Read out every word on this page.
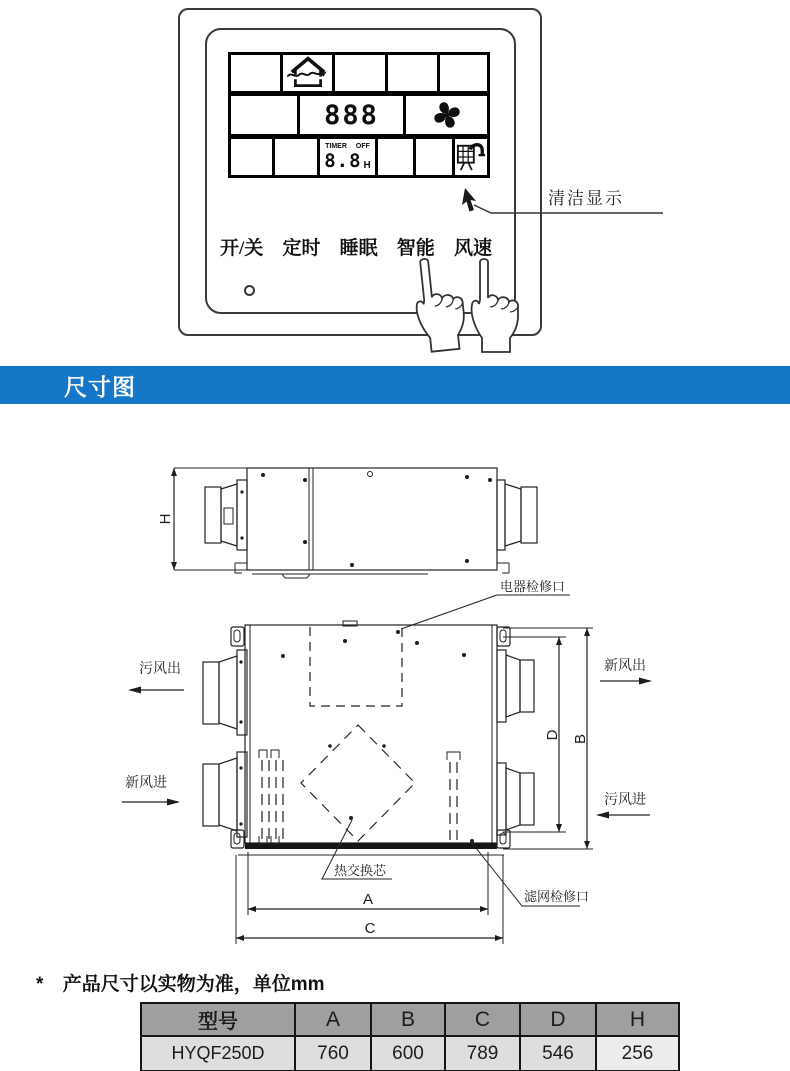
888
TIMER OFF
8.8 H
清洁显示
开/关 定时 睡眠 智能 风速
尺寸图
H
电器检修口
污风出
新风进
新风出
污风进
D B
热交换芯
滤网检修口
A
C

* 产品尺寸以实物为准，单位mm

型号	A	B	C	D	H
HYQF250D	760	600	789	546	256
